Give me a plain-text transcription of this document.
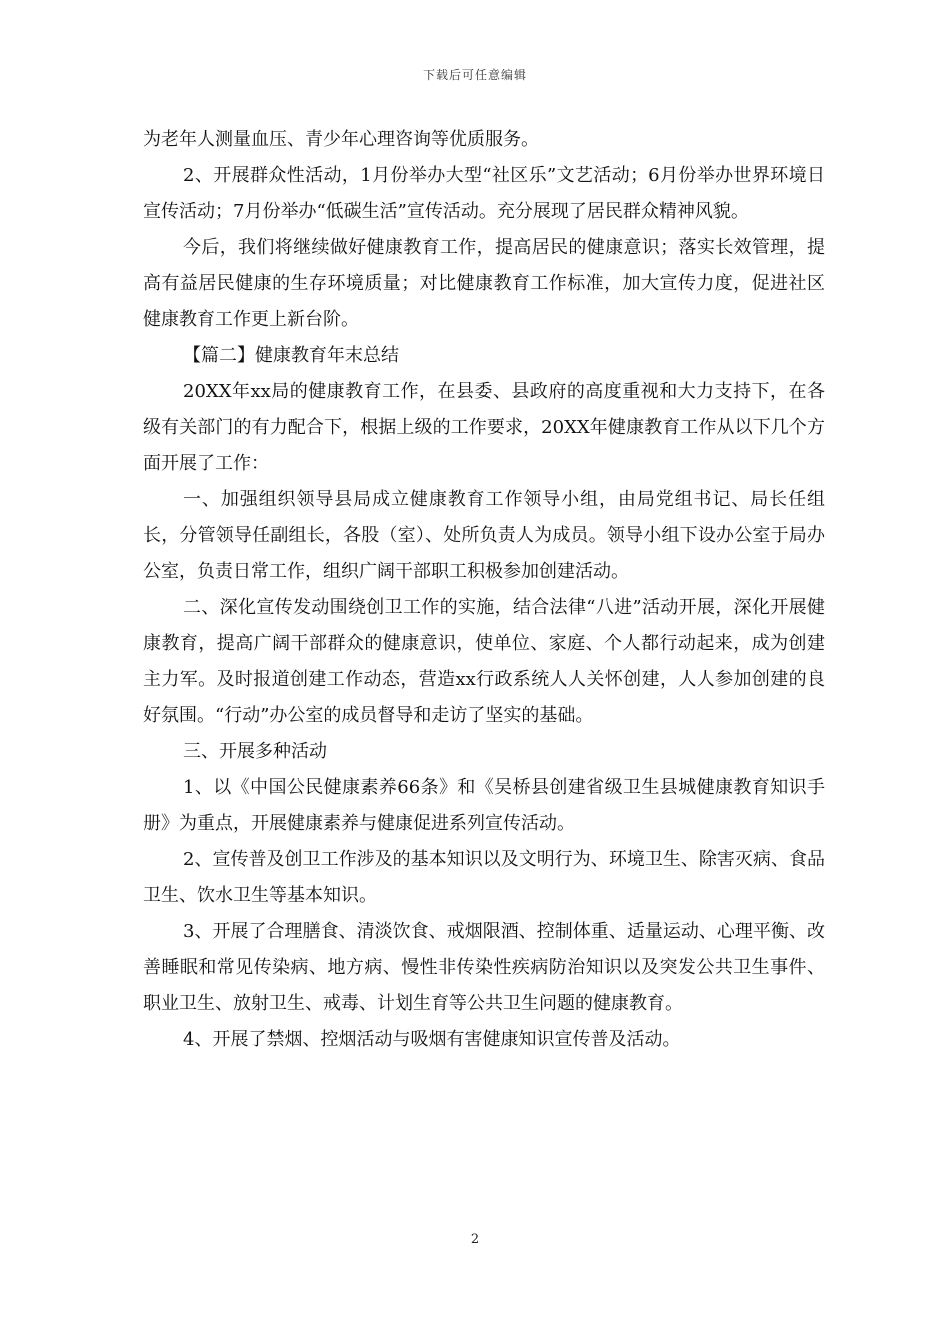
下载后可任意编辑

为老年人测量血压、青少年心理咨询等优质服务。

2、开展群众性活动，1月份举办大型“社区乐”文艺活动；6月份举办世界环境日宣传活动；7月份举办“低碳生活”宣传活动。充分展现了居民群众精神风貌。

今后，我们将继续做好健康教育工作，提高居民的健康意识；落实长效管理，提高有益居民健康的生存环境质量；对比健康教育工作标准，加大宣传力度，促进社区健康教育工作更上新台阶。

【篇二】健康教育年末总结

20XX年xx局的健康教育工作，在县委、县政府的高度重视和大力支持下，在各级有关部门的有力配合下，根据上级的工作要求，20XX年健康教育工作从以下几个方面开展了工作：

一、加强组织领导县局成立健康教育工作领导小组，由局党组书记、局长任组长，分管领导任副组长，各股（室）、处所负责人为成员。领导小组下设办公室于局办公室，负责日常工作，组织广阔干部职工积极参加创建活动。

二、深化宣传发动围绕创卫工作的实施，结合法律“八进”活动开展，深化开展健康教育，提高广阔干部群众的健康意识，使单位、家庭、个人都行动起来，成为创建主力军。及时报道创建工作动态，营造xx行政系统人人关怀创建，人人参加创建的良好氛围。“行动”办公室的成员督导和走访了坚实的基础。

三、开展多种活动

1、以《中国公民健康素养66条》和《吴桥县创建省级卫生县城健康教育知识手册》为重点，开展健康素养与健康促进系列宣传活动。

2、宣传普及创卫工作涉及的基本知识以及文明行为、环境卫生、除害灭病、食品卫生、饮水卫生等基本知识。

3、开展了合理膳食、清淡饮食、戒烟限酒、控制体重、适量运动、心理平衡、改善睡眠和常见传染病、地方病、慢性非传染性疾病防治知识以及突发公共卫生事件、职业卫生、放射卫生、戒毒、计划生育等公共卫生问题的健康教育。

4、开展了禁烟、控烟活动与吸烟有害健康知识宣传普及活动。

2
